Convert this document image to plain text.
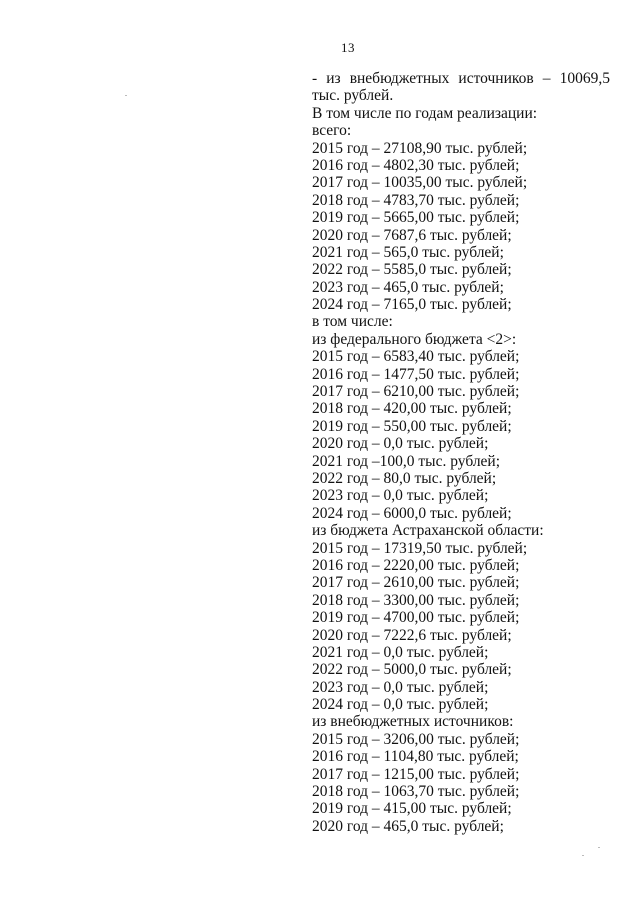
13
- из внебюджетных источников – 10069,5
тыс. рублей.
В том числе по годам реализации:
всего:
2015 год – 27108,90 тыс. рублей;
2016 год – 4802,30 тыс. рублей;
2017 год – 10035,00 тыс. рублей;
2018 год – 4783,70 тыс. рублей;
2019 год – 5665,00 тыс. рублей;
2020 год – 7687,6 тыс. рублей;
2021 год – 565,0 тыс. рублей;
2022 год – 5585,0 тыс. рублей;
2023 год – 465,0 тыс. рублей;
2024 год – 7165,0 тыс. рублей;
в том числе:
из федерального бюджета <2>:
2015 год – 6583,40 тыс. рублей;
2016 год – 1477,50 тыс. рублей;
2017 год – 6210,00 тыс. рублей;
2018 год – 420,00 тыс. рублей;
2019 год – 550,00 тыс. рублей;
2020 год – 0,0 тыс. рублей;
2021 год –100,0 тыс. рублей;
2022 год – 80,0 тыс. рублей;
2023 год – 0,0 тыс. рублей;
2024 год – 6000,0 тыс. рублей;
из бюджета Астраханской области:
2015 год – 17319,50 тыс. рублей;
2016 год – 2220,00 тыс. рублей;
2017 год – 2610,00 тыс. рублей;
2018 год – 3300,00 тыс. рублей;
2019 год – 4700,00 тыс. рублей;
2020 год – 7222,6 тыс. рублей;
2021 год – 0,0 тыс. рублей;
2022 год – 5000,0 тыс. рублей;
2023 год – 0,0 тыс. рублей;
2024 год – 0,0 тыс. рублей;
из внебюджетных источников:
2015 год – 3206,00 тыс. рублей;
2016 год – 1104,80 тыс. рублей;
2017 год – 1215,00 тыс. рублей;
2018 год – 1063,70 тыс. рублей;
2019 год – 415,00 тыс. рублей;
2020 год – 465,0 тыс. рублей;
